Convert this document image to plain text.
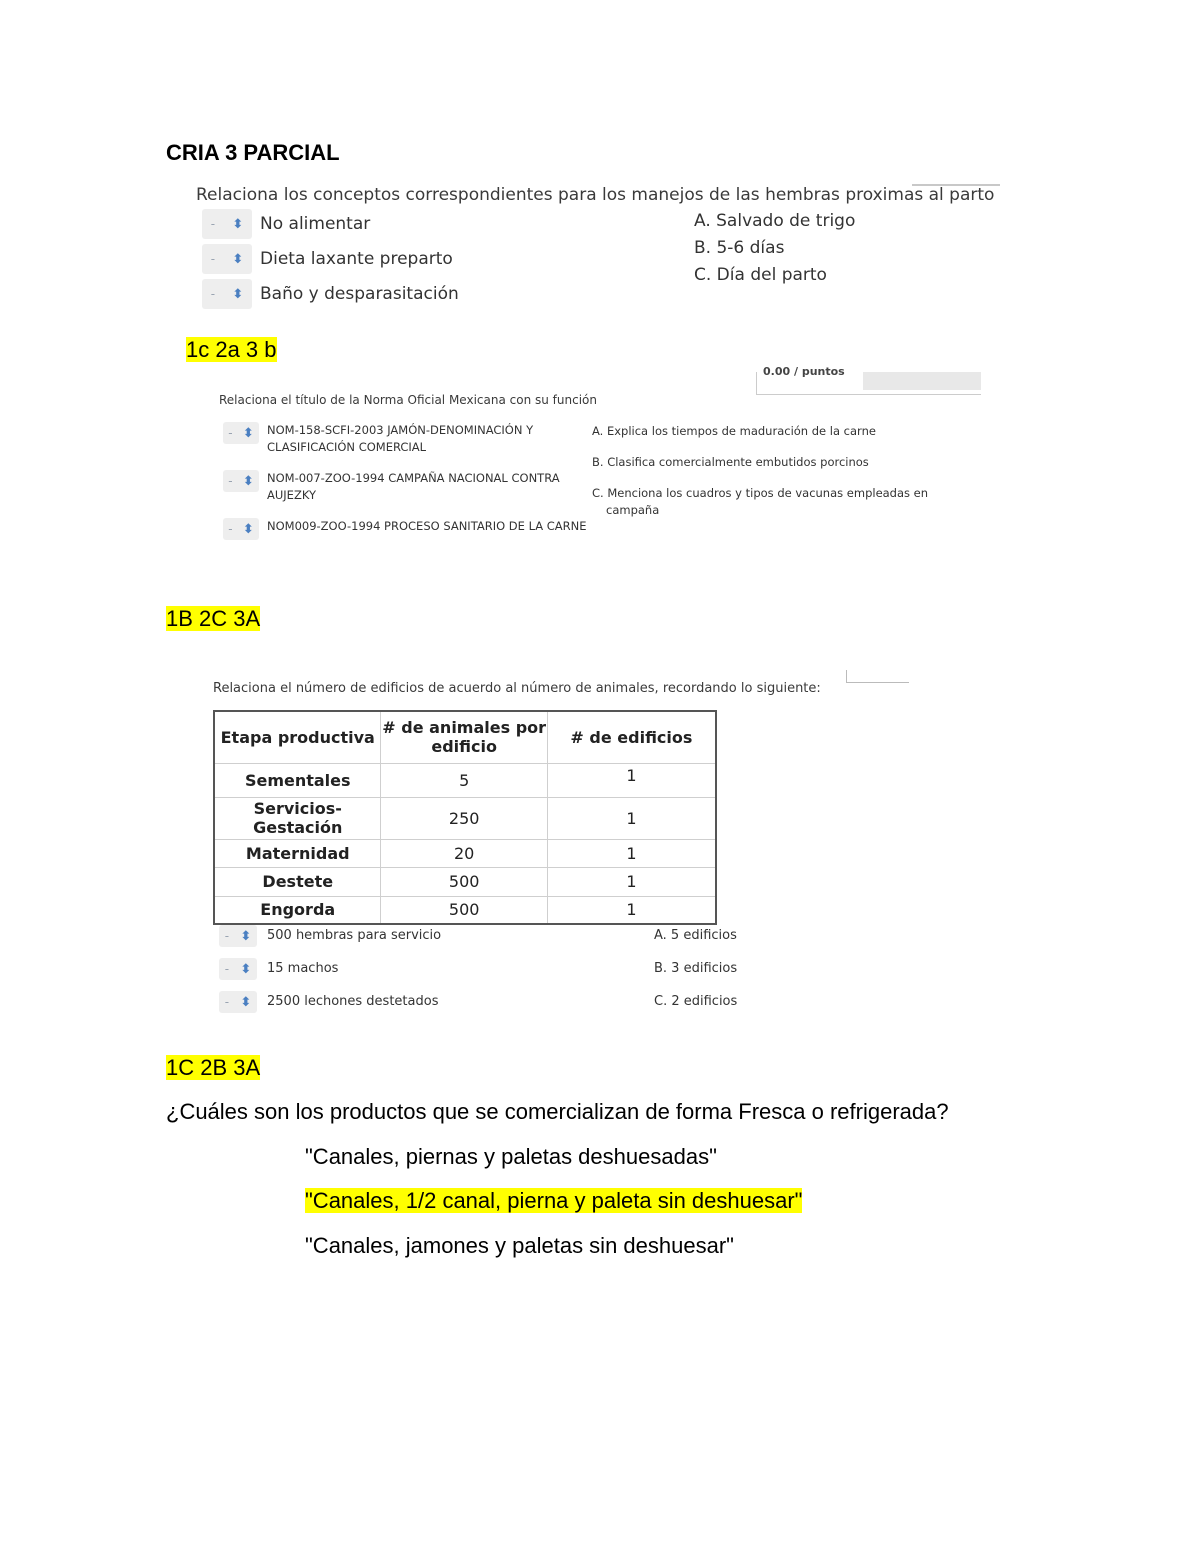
CRIA 3 PARCIAL
Relaciona los conceptos correspondientes para los manejos de las hembras proximas al parto
- ⬍ No alimentar
- ⬍ Dieta laxante preparto
- ⬍ Baño y desparasitación
A. Salvado de trigo
B. 5-6 días
C. Día del parto
1c 2a 3 b
0.00 / puntos
Relaciona el título de la Norma Oficial Mexicana con su función
- ⬍ NOM-158-SCFI-2003 JAMÓN-DENOMINACIÓN Y CLASIFICACIÓN COMERCIAL
- ⬍ NOM-007-ZOO-1994 CAMPAÑA NACIONAL CONTRA AUJEZKY
- ⬍ NOM009-ZOO-1994 PROCESO SANITARIO DE LA CARNE
A. Explica los tiempos de maduración de la carne
B. Clasifica comercialmente embutidos porcinos
C. Menciona los cuadros y tipos de vacunas empleadas en campaña
1B 2C 3A
Relaciona el número de edificios de acuerdo al número de animales, recordando lo siguiente:
Etapa productiva	# de animales por edificio	# de edificios
Sementales	5	1
Servicios-Gestación	250	1
Maternidad	20	1
Destete	500	1
Engorda	500	1
- ⬍ 500 hembras para servicio
- ⬍ 15 machos
- ⬍ 2500 lechones destetados
A. 5 edificios
B. 3 edificios
C. 2 edificios
1C 2B 3A
¿Cuáles son los productos que se comercializan de forma Fresca o refrigerada?
"Canales, piernas y paletas deshuesadas"
"Canales, 1/2 canal, pierna y paleta sin deshuesar"
"Canales, jamones y paletas sin deshuesar"
